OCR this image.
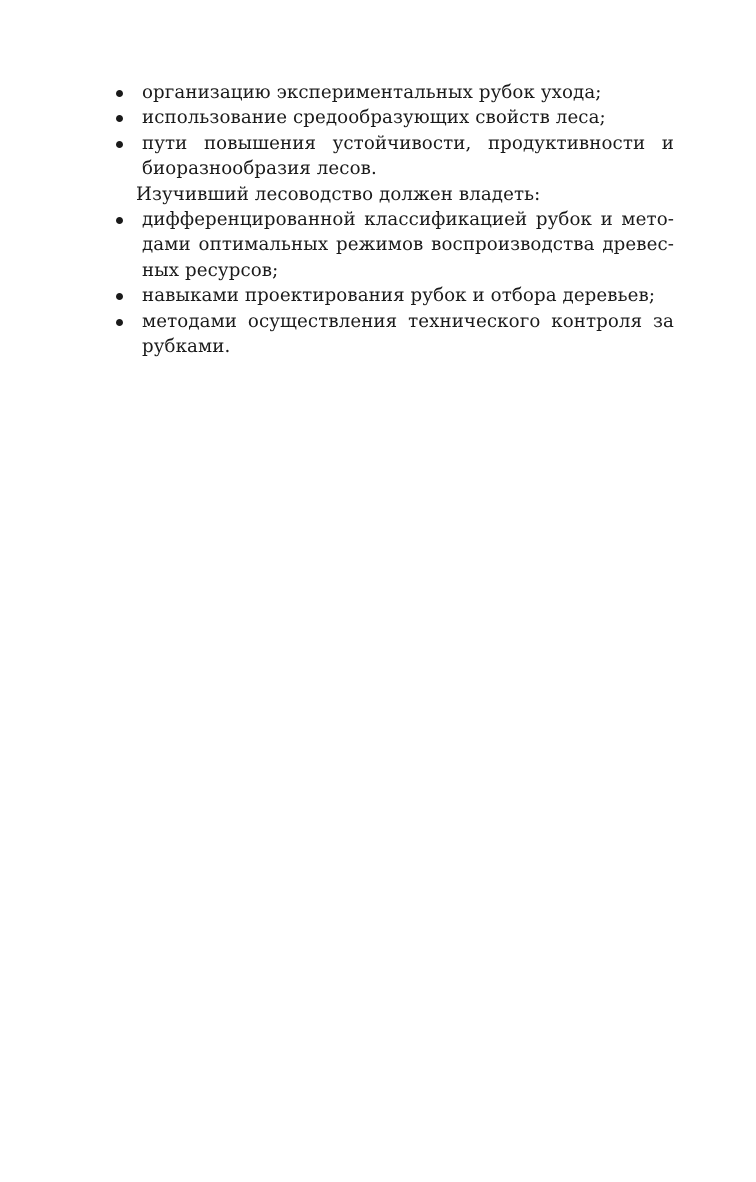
организацию экспериментальных рубок ухода;
использование средообразующих свойств леса;
пути повышения устойчивости, продуктивности и
биоразнообразия лесов.
Изучивший лесоводство должен владеть:
дифференцированной классификацией рубок и мето-
дами оптимальных режимов воспроизводства древес-
ных ресурсов;
навыками проектирования рубок и отбора деревьев;
методами осуществления технического контроля за
рубками.
